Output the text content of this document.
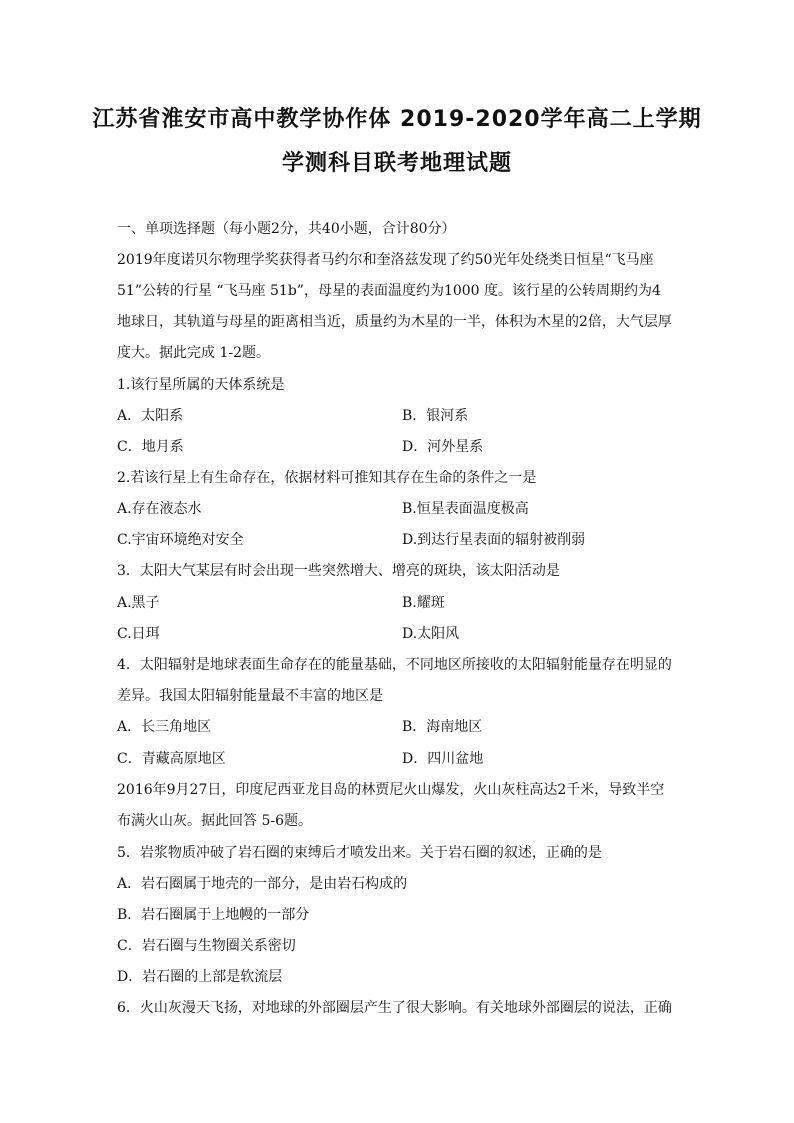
江苏省淮安市高中教学协作体 2019-2020学年高二上学期
学测科目联考地理试题
一、单项选择题（每小题2分，共40小题，合计80分）
2019年度诺贝尔物理学奖获得者马约尔和奎洛兹发现了约50光年处绕类日恒星“飞马座
51”公转的行星 “飞马座 51b”，母星的表面温度约为1000 度。该行星的公转周期约为4
地球日，其轨道与母星的距离相当近，质量约为木星的一半，体积为木星的2倍，大气层厚
度大。据此完成 1-2题。
1.该行星所属的天体系统是
A．太阳系	B．银河系
C．地月系	D．河外星系
2.若该行星上有生命存在，依据材料可推知其存在生命的条件之一是
A.存在液态水	B.恒星表面温度极高
C.宇宙环境绝对安全	D.到达行星表面的辐射被削弱
3．太阳大气某层有时会出现一些突然增大、增亮的斑块，该太阳活动是
A.黑子	B.耀斑
C.日珥	D.太阳风
4．太阳辐射是地球表面生命存在的能量基础，不同地区所接收的太阳辐射能量存在明显的
差异。我国太阳辐射能量最不丰富的地区是
A．长三角地区	B．海南地区
C．青藏高原地区	D．四川盆地
2016年9月27日，印度尼西亚龙目岛的林贾尼火山爆发，火山灰柱高达2千米，导致半空
布满火山灰。据此回答 5-6题。
5．岩浆物质冲破了岩石圈的束缚后才喷发出来。关于岩石圈的叙述，正确的是
A．岩石圈属于地壳的一部分，是由岩石构成的
B．岩石圈属于上地幔的一部分
C．岩石圈与生物圈关系密切
D．岩石圈的上部是软流层
6．火山灰漫天飞扬，对地球的外部圈层产生了很大影响。有关地球外部圈层的说法，正确
